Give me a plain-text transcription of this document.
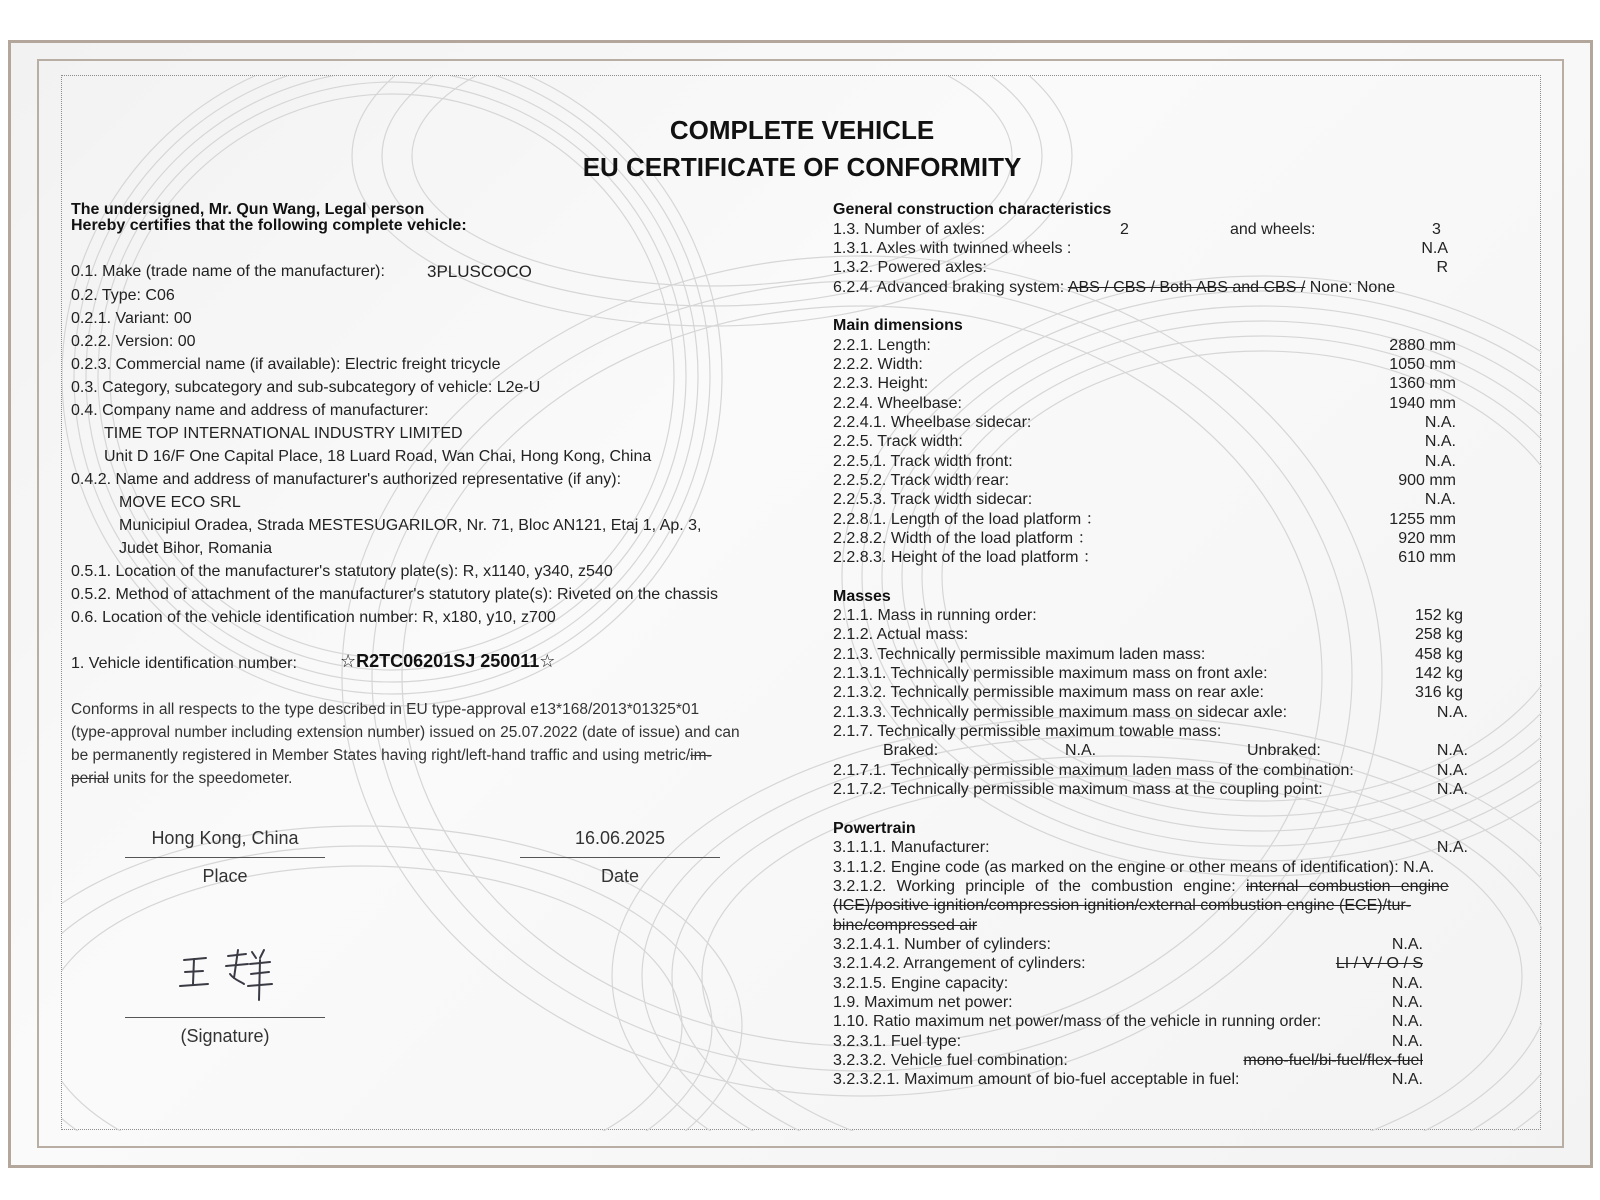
COMPLETE VEHICLE
EU CERTIFICATE OF CONFORMITY
The undersigned, Mr. Qun Wang, Legal person
Hereby certifies that the following complete vehicle:
0.1. Make (trade name of the manufacturer): 3PLUSCOCO
0.2. Type: C06
0.2.1. Variant: 00
0.2.2. Version: 00
0.2.3. Commercial name (if available): Electric freight tricycle
0.3. Category, subcategory and sub-subcategory of vehicle: L2e-U
0.4. Company name and address of manufacturer:
TIME TOP INTERNATIONAL INDUSTRY LIMITED
Unit D 16/F One Capital Place, 18 Luard Road, Wan Chai, Hong Kong, China
0.4.2. Name and address of manufacturer's authorized representative (if any):
MOVE ECO SRL
Municipiul Oradea, Strada MESTESUGARILOR, Nr. 71, Bloc AN121, Etaj 1, Ap. 3,
Judet Bihor, Romania
0.5.1. Location of the manufacturer's statutory plate(s): R, x1140, y340, z540
0.5.2. Method of attachment of the manufacturer's statutory plate(s): Riveted on the chassis
0.6. Location of the vehicle identification number: R, x180, y10, z700
1. Vehicle identification number: ☆R2TC06201SJ 250011☆
Conforms in all respects to the type described in EU type-approval e13*168/2013*01325*01
(type-approval number including extension number) issued on 25.07.2022 (date of issue) and can
be permanently registered in Member States having right/left-hand traffic and using metric/im-
perial units for the speedometer.
Hong Kong, China
Place
16.06.2025
Date
(Signature)
General construction characteristics
1.3. Number of axles:	2	and wheels:	3
1.3.1. Axles with twinned wheels :	N.A
1.3.2. Powered axles:	R
6.2.4. Advanced braking system: ABS / CBS / Both ABS and CBS / None: None
Main dimensions
2.2.1. Length:	2880 mm
2.2.2. Width:	1050 mm
2.2.3. Height:	1360 mm
2.2.4. Wheelbase:	1940 mm
2.2.4.1. Wheelbase sidecar:	N.A.
2.2.5. Track width:	N.A.
2.2.5.1. Track width front:	N.A.
2.2.5.2. Track width rear:	900 mm
2.2.5.3. Track width sidecar:	N.A.
2.2.8.1. Length of the load platform ：	1255 mm
2.2.8.2. Width of the load platform ：	920 mm
2.2.8.3. Height of the load platform ：	610 mm
Masses
2.1.1. Mass in running order:	152 kg
2.1.2. Actual mass:	258 kg
2.1.3. Technically permissible maximum laden mass:	458 kg
2.1.3.1. Technically permissible maximum mass on front axle:	142 kg
2.1.3.2. Technically permissible maximum mass on rear axle:	316 kg
2.1.3.3. Technically permissible maximum mass on sidecar axle:	N.A.
2.1.7. Technically permissible maximum towable mass:
Braked:	N.A.	Unbraked:	N.A.
2.1.7.1. Technically permissible maximum laden mass of the combination:	N.A.
2.1.7.2. Technically permissible maximum mass at the coupling point:	N.A.
Powertrain
3.1.1.1. Manufacturer:	N.A.
3.1.1.2. Engine code (as marked on the engine or other means of identification): N.A.
3.2.1.2. Working principle of the combustion engine: internal combustion engine
(ICE)/positive ignition/compression ignition/external combustion engine (ECE)/tur-
bine/compressed air
3.2.1.4.1. Number of cylinders:	N.A.
3.2.1.4.2. Arrangement of cylinders:	LI / V / O / S
3.2.1.5. Engine capacity:	N.A.
1.9. Maximum net power:	N.A.
1.10. Ratio maximum net power/mass of the vehicle in running order:	N.A.
3.2.3.1. Fuel type:	N.A.
3.2.3.2. Vehicle fuel combination:	mono-fuel/bi-fuel/flex-fuel
3.2.3.2.1. Maximum amount of bio-fuel acceptable in fuel:	N.A.
